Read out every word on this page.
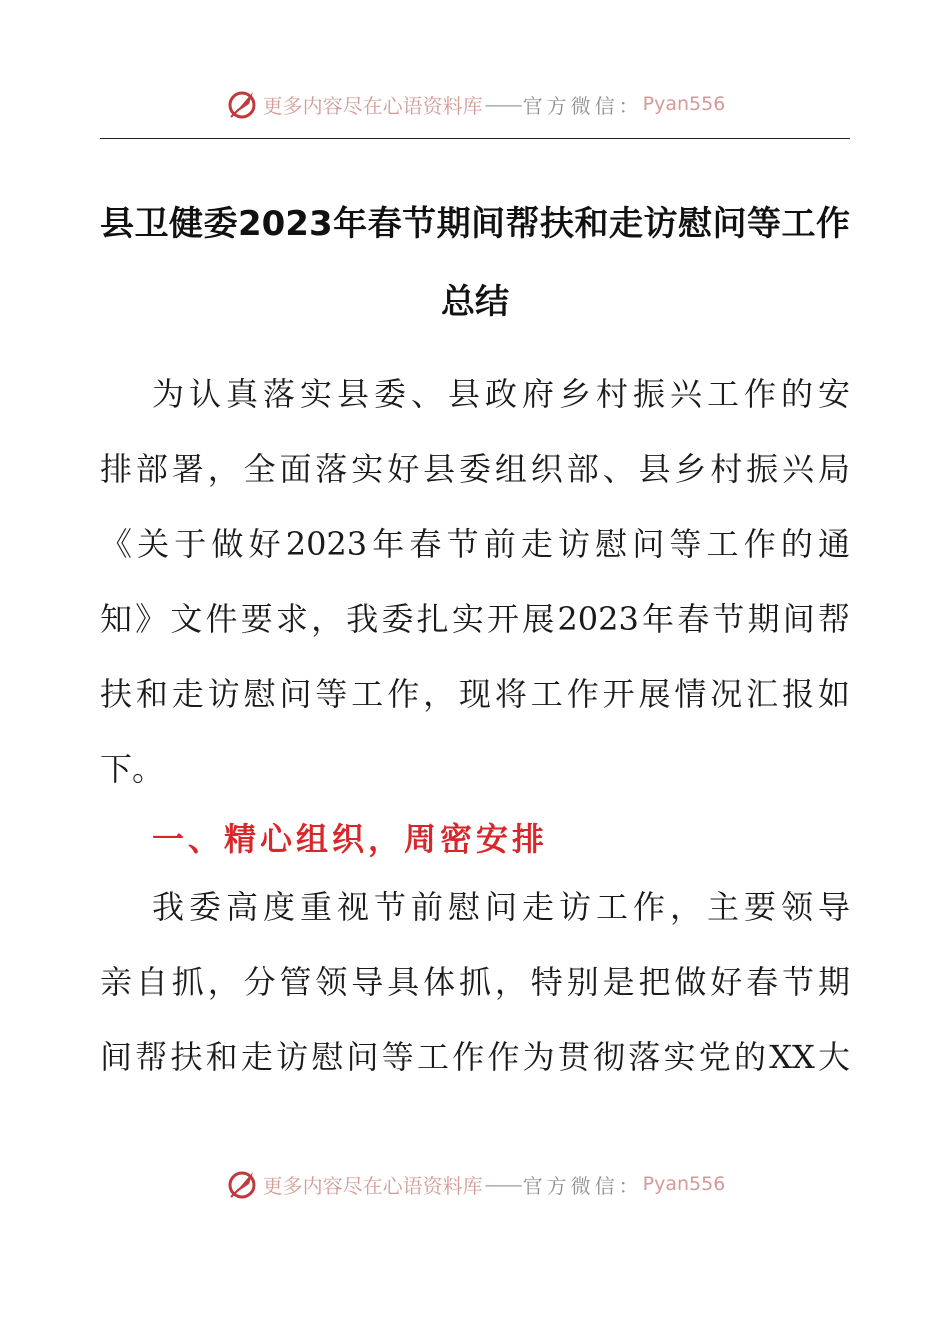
更多内容尽在心语资料库 —— 官方微信： Pyan556
县卫健委2023年春节期间帮扶和走访慰问等工作
总结

为认真落实县委、县政府乡村振兴工作的安

排部署，全面落实好县委组织部、县乡村振兴局

《关于做好2023年春节前走访慰问等工作的通

知》文件要求，我委扎实开展2023年春节期间帮

扶和走访慰问等工作，现将工作开展情况汇报如

下。

一、精心组织，周密安排

我委高度重视节前慰问走访工作，主要领导

亲自抓，分管领导具体抓，特别是把做好春节期

间帮扶和走访慰问等工作作为贯彻落实党的XX大

更多内容尽在心语资料库 —— 官方微信： Pyan556
